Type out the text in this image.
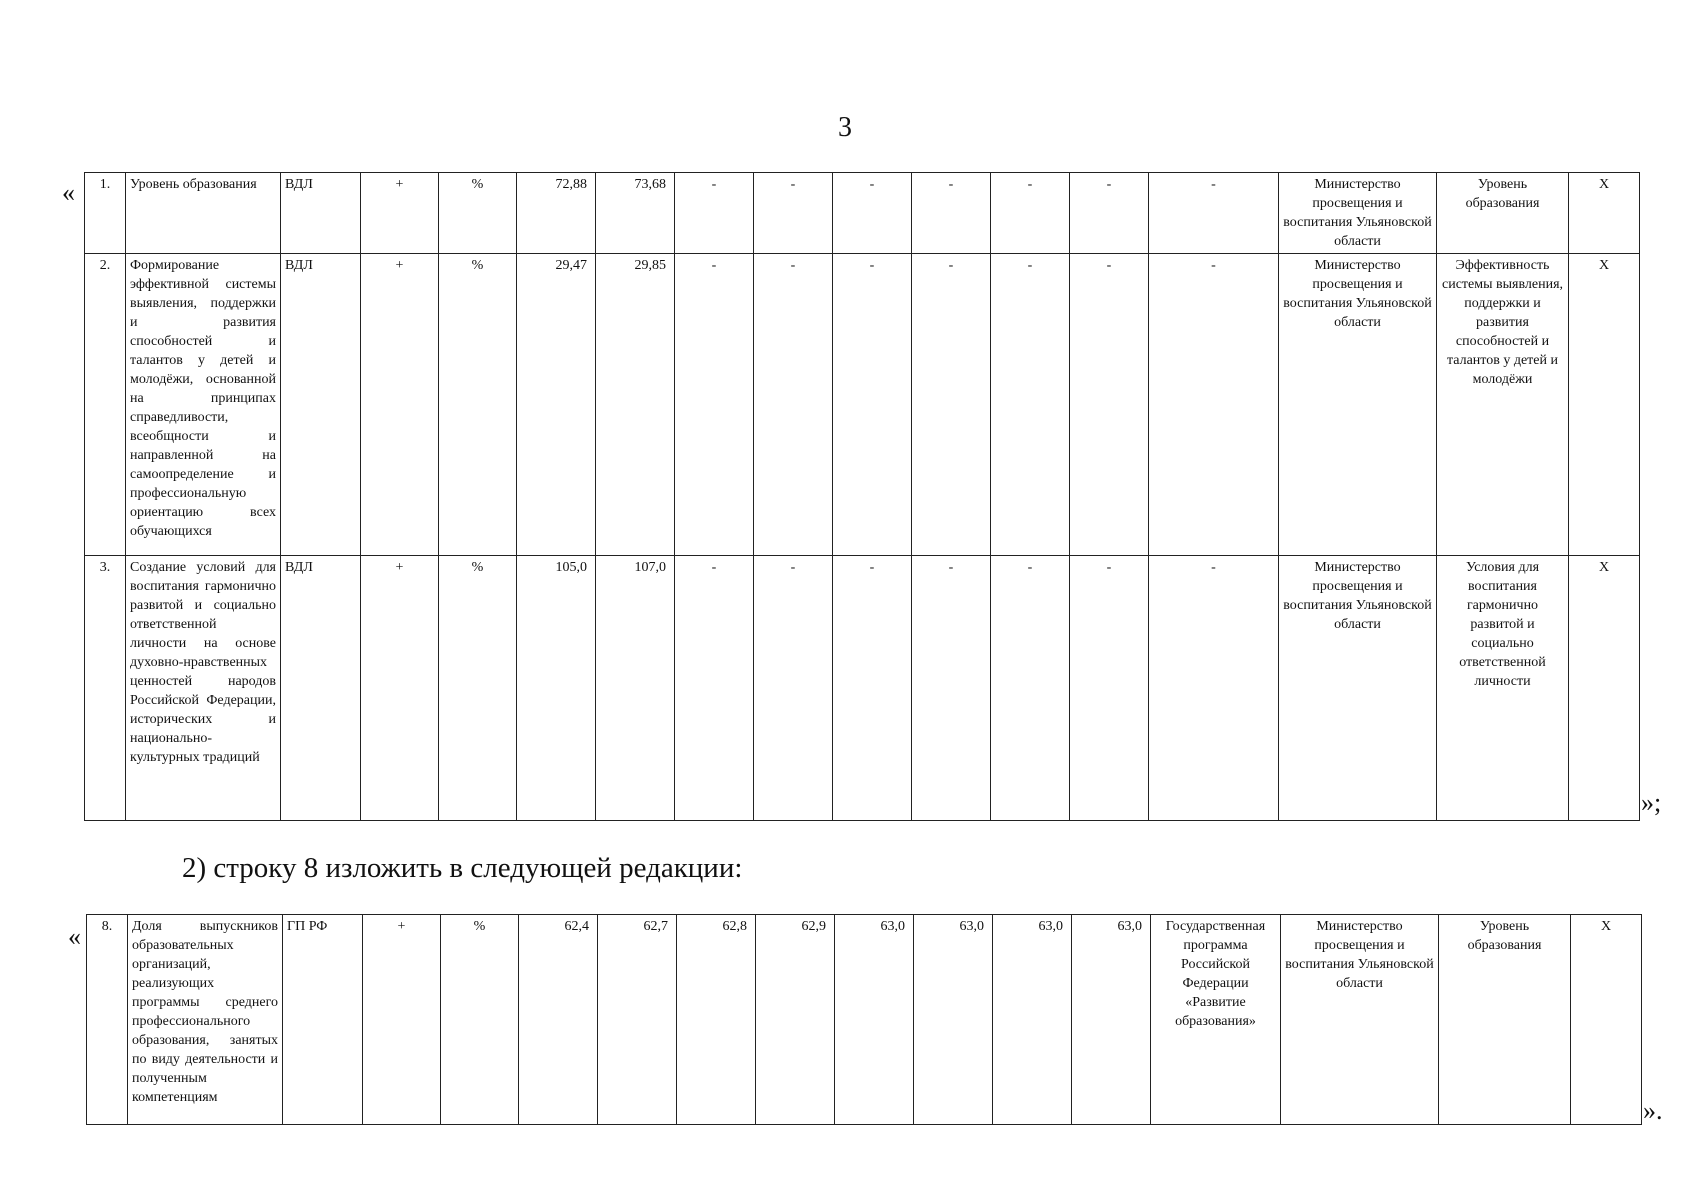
3
« 1.	Уровень образования	ВДЛ	+	%	72,88	73,68	-	-	-	-	-	-	-	Министерство просвещения и воспитания Ульяновской области	Уровень образования	X
2.	Формирование эффективной системы выявления, поддержки и развития способностей и талантов у детей и молодёжи, основанной на принципах справедливости, всеобщности и направленной на самоопределение и профессиональную ориентацию всех обучающихся	ВДЛ	+	%	29,47	29,85	-	-	-	-	-	-	-	Министерство просвещения и воспитания Ульяновской области	Эффективность системы выявления, поддержки и развития способностей и талантов у детей и молодёжи	X
3.	Создание условий для воспитания гармонично развитой и социально ответственной личности на основе духовно-нравственных ценностей народов Российской Федерации, исторических и национально-культурных традиций	ВДЛ	+	%	105,0	107,0	-	-	-	-	-	-	-	Министерство просвещения и воспитания Ульяновской области	Условия для воспитания гармонично развитой и социально ответственной личности	X
»;
2) строку 8 изложить в следующей редакции:
« 8.	Доля выпускников образовательных организаций, реализующих программы среднего профессионального образования, занятых по виду деятельности и полученным компетенциям	ГП РФ	+	%	62,4	62,7	62,8	62,9	63,0	63,0	63,0	63,0	Государственная программа Российской Федерации «Развитие образования»	Министерство просвещения и воспитания Ульяновской области	Уровень образования	X
».
